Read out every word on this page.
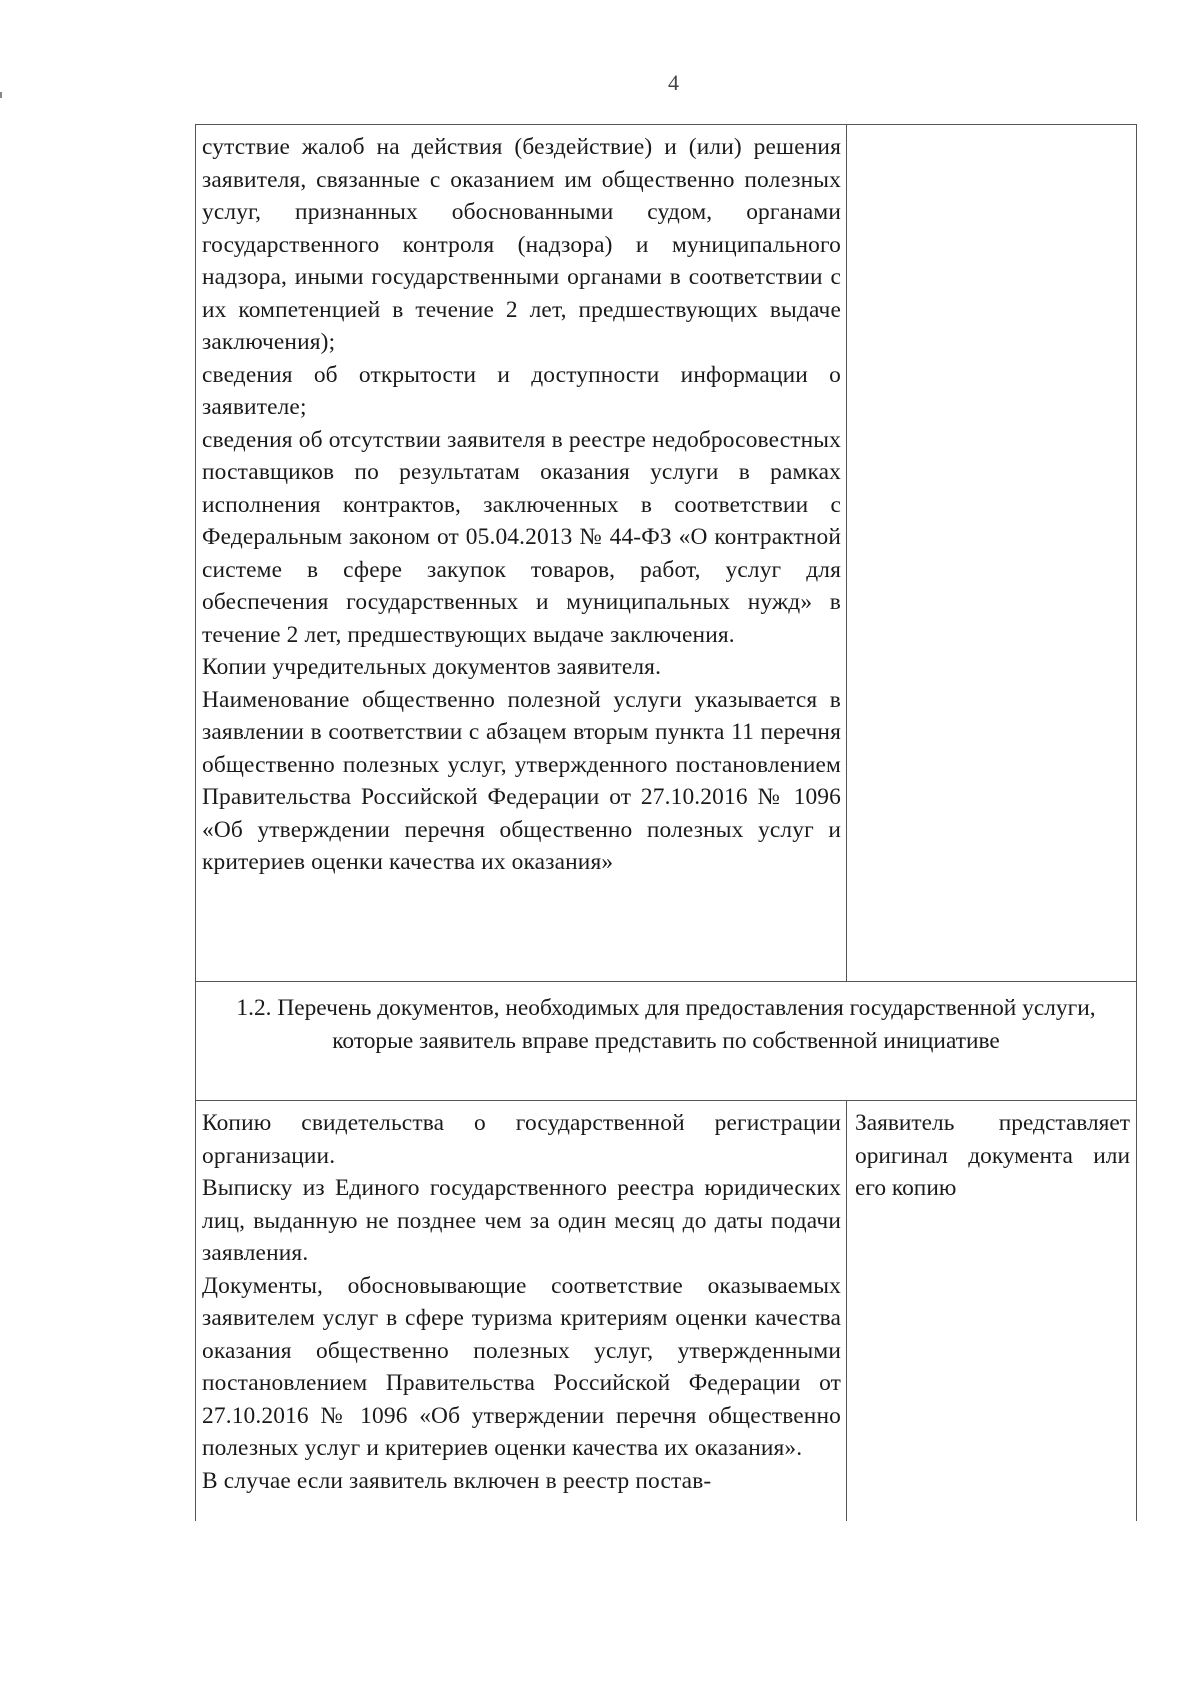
4

сутствие жалоб на действия (бездействие) и (или) решения заявителя, связанные с оказанием им общественно полезных услуг, признанных обоснованными судом, органами государственного контроля (надзора) и муниципального надзора, иными государственными органами в соответствии с их компетенцией в течение 2 лет, предшествующих выдаче заключения);

сведения об открытости и доступности информации о заявителе;

сведения об отсутствии заявителя в реестре недобросовестных поставщиков по результатам оказания услуги в рамках исполнения контрактов, заключенных в соответствии с Федеральным законом от 05.04.2013 № 44-ФЗ «О контрактной системе в сфере закупок товаров, работ, услуг для обеспечения государственных и муниципальных нужд» в течение 2 лет, предшествующих выдаче заключения.

Копии учредительных документов заявителя.

Наименование общественно полезной услуги указывается в заявлении в соответствии с абзацем вторым пункта 11 перечня общественно полезных услуг, утвержденного постановлением Правительства Российской Федерации от 27.10.2016 № 1096 «Об утверждении перечня общественно полезных услуг и критериев оценки качества их оказания»	

1.2. Перечень документов, необходимых для предоставления государственной услуги, которые заявитель вправе представить по собственной инициативе	

Копию свидетельства о государственной регистрации организации.

Выписку из Единого государственного реестра юридических лиц, выданную не позднее чем за один месяц до даты подачи заявления.

Документы, обосновывающие соответствие оказываемых заявителем услуг в сфере туризма критериям оценки качества оказания общественно полезных услуг, утвержденными постановлением Правительства Российской Федерации от 27.10.2016 № 1096 «Об утверждении перечня общественно полезных услуг и критериев оценки качества их оказания».

В случае если заявитель включен в реестр постав-	Заявитель представляет оригинал документа или его копию
